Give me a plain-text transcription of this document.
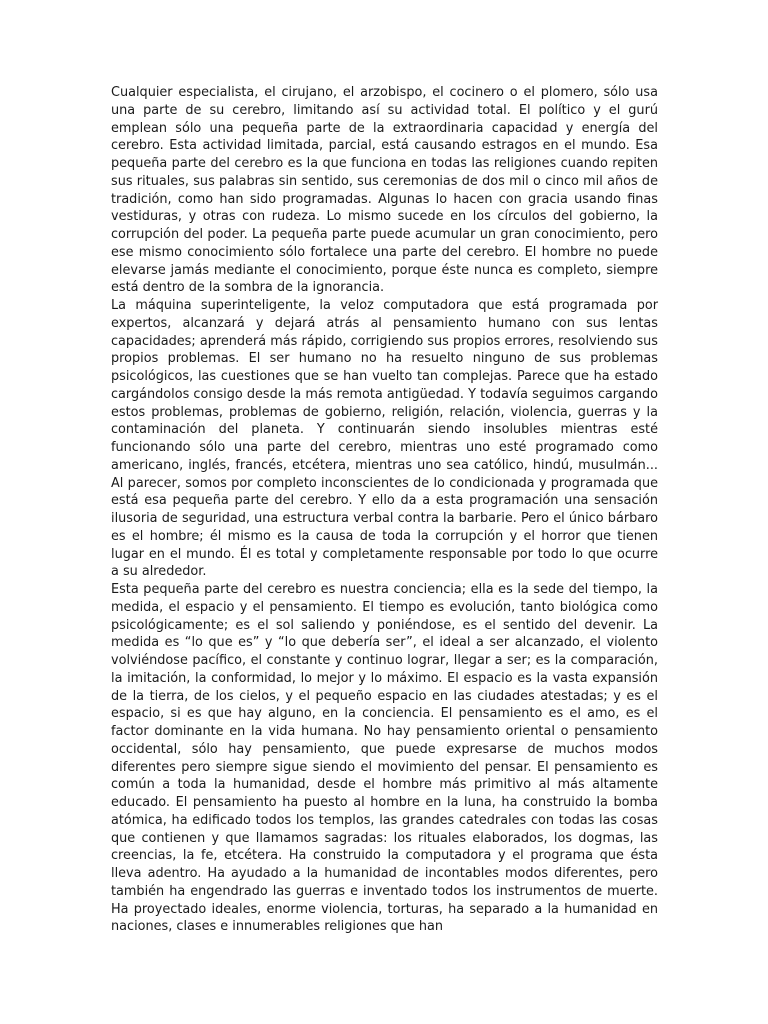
Cualquier especialista, el cirujano, el arzobispo, el cocinero o el plomero, sólo usa una parte de su cerebro, limitando así su actividad total. El político y el gurú emplean sólo una pequeña parte de la extraordinaria capacidad y energía del cerebro. Esta actividad limitada, parcial, está causando estragos en el mundo. Esa pequeña parte del cerebro es la que funciona en todas las religiones cuando repiten sus rituales, sus palabras sin sentido, sus ceremonias de dos mil o cinco mil años de tradición, como han sido programadas. Algunas lo hacen con gracia usando finas vestiduras, y otras con rudeza. Lo mismo sucede en los círculos del gobierno, la corrupción del poder. La pequeña parte puede acumular un gran conocimiento, pero ese mismo conocimiento sólo fortalece una parte del cerebro. El hombre no puede elevarse jamás mediante el conocimiento, porque éste nunca es completo, siempre está dentro de la sombra de la ignorancia.

La máquina superinteligente, la veloz computadora que está programada por expertos, alcanzará y dejará atrás al pensamiento humano con sus lentas capacidades; aprenderá más rápido, corrigiendo sus propios errores, resolviendo sus propios problemas. El ser humano no ha resuelto ninguno de sus problemas psicológicos, las cuestiones que se han vuelto tan complejas. Parece que ha estado cargándolos consigo desde la más remota antigüedad. Y todavía seguimos cargando estos problemas, problemas de gobierno, religión, relación, violencia, guerras y la contaminación del planeta. Y continuarán siendo insolubles mientras esté funcionando sólo una parte del cerebro, mientras uno esté programado como americano, inglés, francés, etcétera, mientras uno sea católico, hindú, musulmán... Al parecer, somos por completo inconscientes de lo condicionada y programada que está esa pequeña parte del cerebro. Y ello da a esta programación una sensación ilusoria de seguridad, una estructura verbal contra la barbarie. Pero el único bárbaro es el hombre; él mismo es la causa de toda la corrupción y el horror que tienen lugar en el mundo. Él es total y completamente responsable por todo lo que ocurre a su alrededor.

Esta pequeña parte del cerebro es nuestra conciencia; ella es la sede del tiempo, la medida, el espacio y el pensamiento. El tiempo es evolución, tanto biológica como psicológicamente; es el sol saliendo y poniéndose, es el sentido del devenir. La medida es “lo que es” y “lo que debería ser”, el ideal a ser alcanzado, el violento volviéndose pacífico, el constante y continuo lograr, llegar a ser; es la comparación, la imitación, la conformidad, lo mejor y lo máximo. El espacio es la vasta expansión de la tierra, de los cielos, y el pequeño espacio en las ciudades atestadas; y es el espacio, si es que hay alguno, en la conciencia. El pensamiento es el amo, es el factor dominante en la vida humana. No hay pensamiento oriental o pensamiento occidental, sólo hay pensamiento, que puede expresarse de muchos modos diferentes pero siempre sigue siendo el movimiento del pensar. El pensamiento es común a toda la humanidad, desde el hombre más primitivo al más altamente educado. El pensamiento ha puesto al hombre en la luna, ha construido la bomba atómica, ha edificado todos los templos, las grandes catedrales con todas las cosas que contienen y que llamamos sagradas: los rituales elaborados, los dogmas, las creencias, la fe, etcétera. Ha construido la computadora y el programa que ésta lleva adentro. Ha ayudado a la humanidad de incontables modos diferentes, pero también ha engendrado las guerras e inventado todos los instrumentos de muerte. Ha proyectado ideales, enorme violencia, torturas, ha separado a la humanidad en naciones, clases e innumerables religiones que han
